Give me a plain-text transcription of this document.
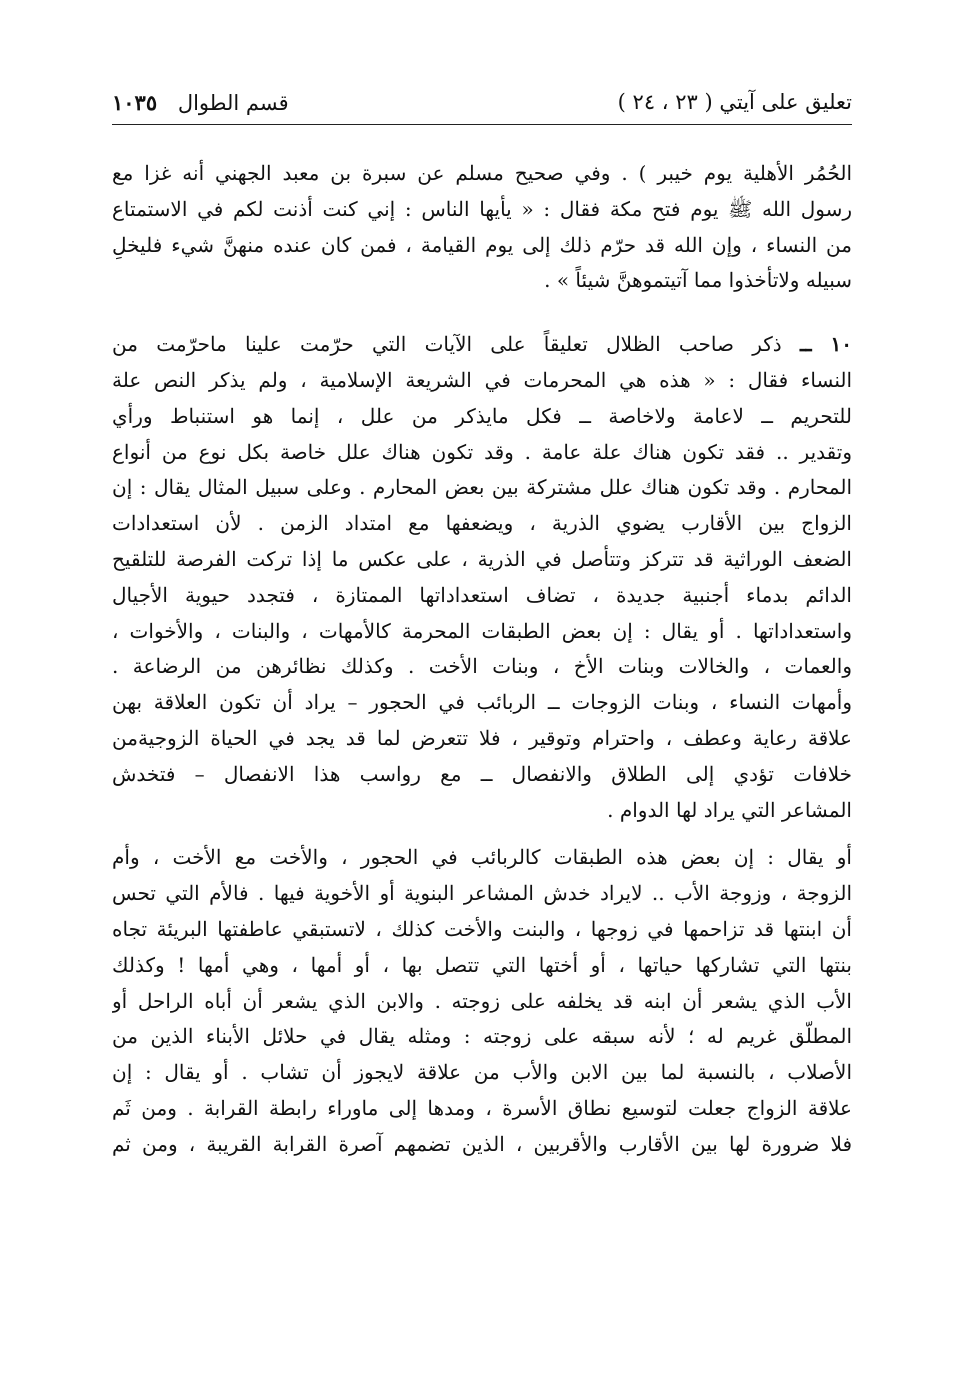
تعليق على آيتي ( ٢٣ ، ٢٤ )
قسم الطوال ١٠٣٥
الحُمُر الأهلية يوم خيبر ) . وفي صحيح مسلم عن سبرة بن معبد الجهني أنه غزا مع
رسول الله ﷺ يوم فتح مكة فقال : « يأيها الناس : إني كنت أذنت لكم في الاستمتاع
من النساء ، وإن الله قد حرّم ذلك إلى يوم القيامة ، فمن كان عنده منهنَّ شيء فليخلِ
سبيله ولاتأخذوا مما آتيتموهنَّ شيئاً » .
١٠ ــ ذكر صاحب الظلال تعليقاً على الآيات التي حرّمت علينا ماحرّمت من
النساء فقال : « هذه هي المحرمات في الشريعة الإسلامية ، ولم يذكر النص علة
للتحريم ــ لاعامة ولاخاصة ــ فكل مايذكر من علل ، إنما هو استنباط ورأي
وتقدير .. فقد تكون هناك علة عامة . وقد تكون هناك علل خاصة بكل نوع من أنواع
المحارم . وقد تكون هناك علل مشتركة بين بعض المحارم . وعلى سبيل المثال يقال : إن
الزواج بين الأقارب يضوي الذرية ، ويضعفها مع امتداد الزمن . لأن استعدادات
الضعف الوراثية قد تتركز وتتأصل في الذرية ، على عكس ما إذا تركت الفرصة للتلقيح
الدائم بدماء أجنبية جديدة ، تضاف استعداداتها الممتازة ، فتجدد حيوية الأجيال
واستعداداتها . أو يقال : إن بعض الطبقات المحرمة كالأمهات ، والبنات ، والأخوات ،
والعمات ، والخالات وبنات الأخ ، وبنات الأخت . وكذلك نظائرهن من الرضاعة .
وأمهات النساء ، وبنات الزوجات ــ الربائب في الحجور – يراد أن تكون العلاقة بهن
علاقة رعاية وعطف ، واحترام وتوقير ، فلا تتعرض لما قد يجد في الحياة الزوجيةمن
خلافات تؤدي إلى الطلاق والانفصال ــ مع رواسب هذا الانفصال – فتخدش
المشاعر التي يراد لها الدوام .
أو يقال : إن بعض هذه الطبقات كالربائب في الحجور ، والأخت مع الأخت ، وأم
الزوجة ، وزوجة الأب .. لايراد خدش المشاعر البنوية أو الأخوية فيها . فالأم التي تحس
أن ابنتها قد تزاحمها في زوجها ، والبنت والأخت كذلك ، لاتستبقي عاطفتها البريئة تجاه
بنتها التي تشاركها حياتها ، أو أختها التي تتصل بها ، أو أمها ، وهي أمها ! وكذلك
الأب الذي يشعر أن ابنه قد يخلفه على زوجته . والابن الذي يشعر أن أباه الراحل أو
المطلّق غريم له ؛ لأنه سبقه على زوجته : ومثله يقال في حلائل الأبناء الذين من
الأصلاب ، بالنسبة لما بين الابن والأب من علاقة لايجوز أن تشاب . أو يقال : إن
علاقة الزواج جعلت لتوسيع نطاق الأسرة ، ومدها إلى ماوراء رابطة القرابة . ومن ثَم
فلا ضرورة لها بين الأقارب والأقربين ، الذين تضمهم آصرة القرابة القريبة ، ومن ثم
